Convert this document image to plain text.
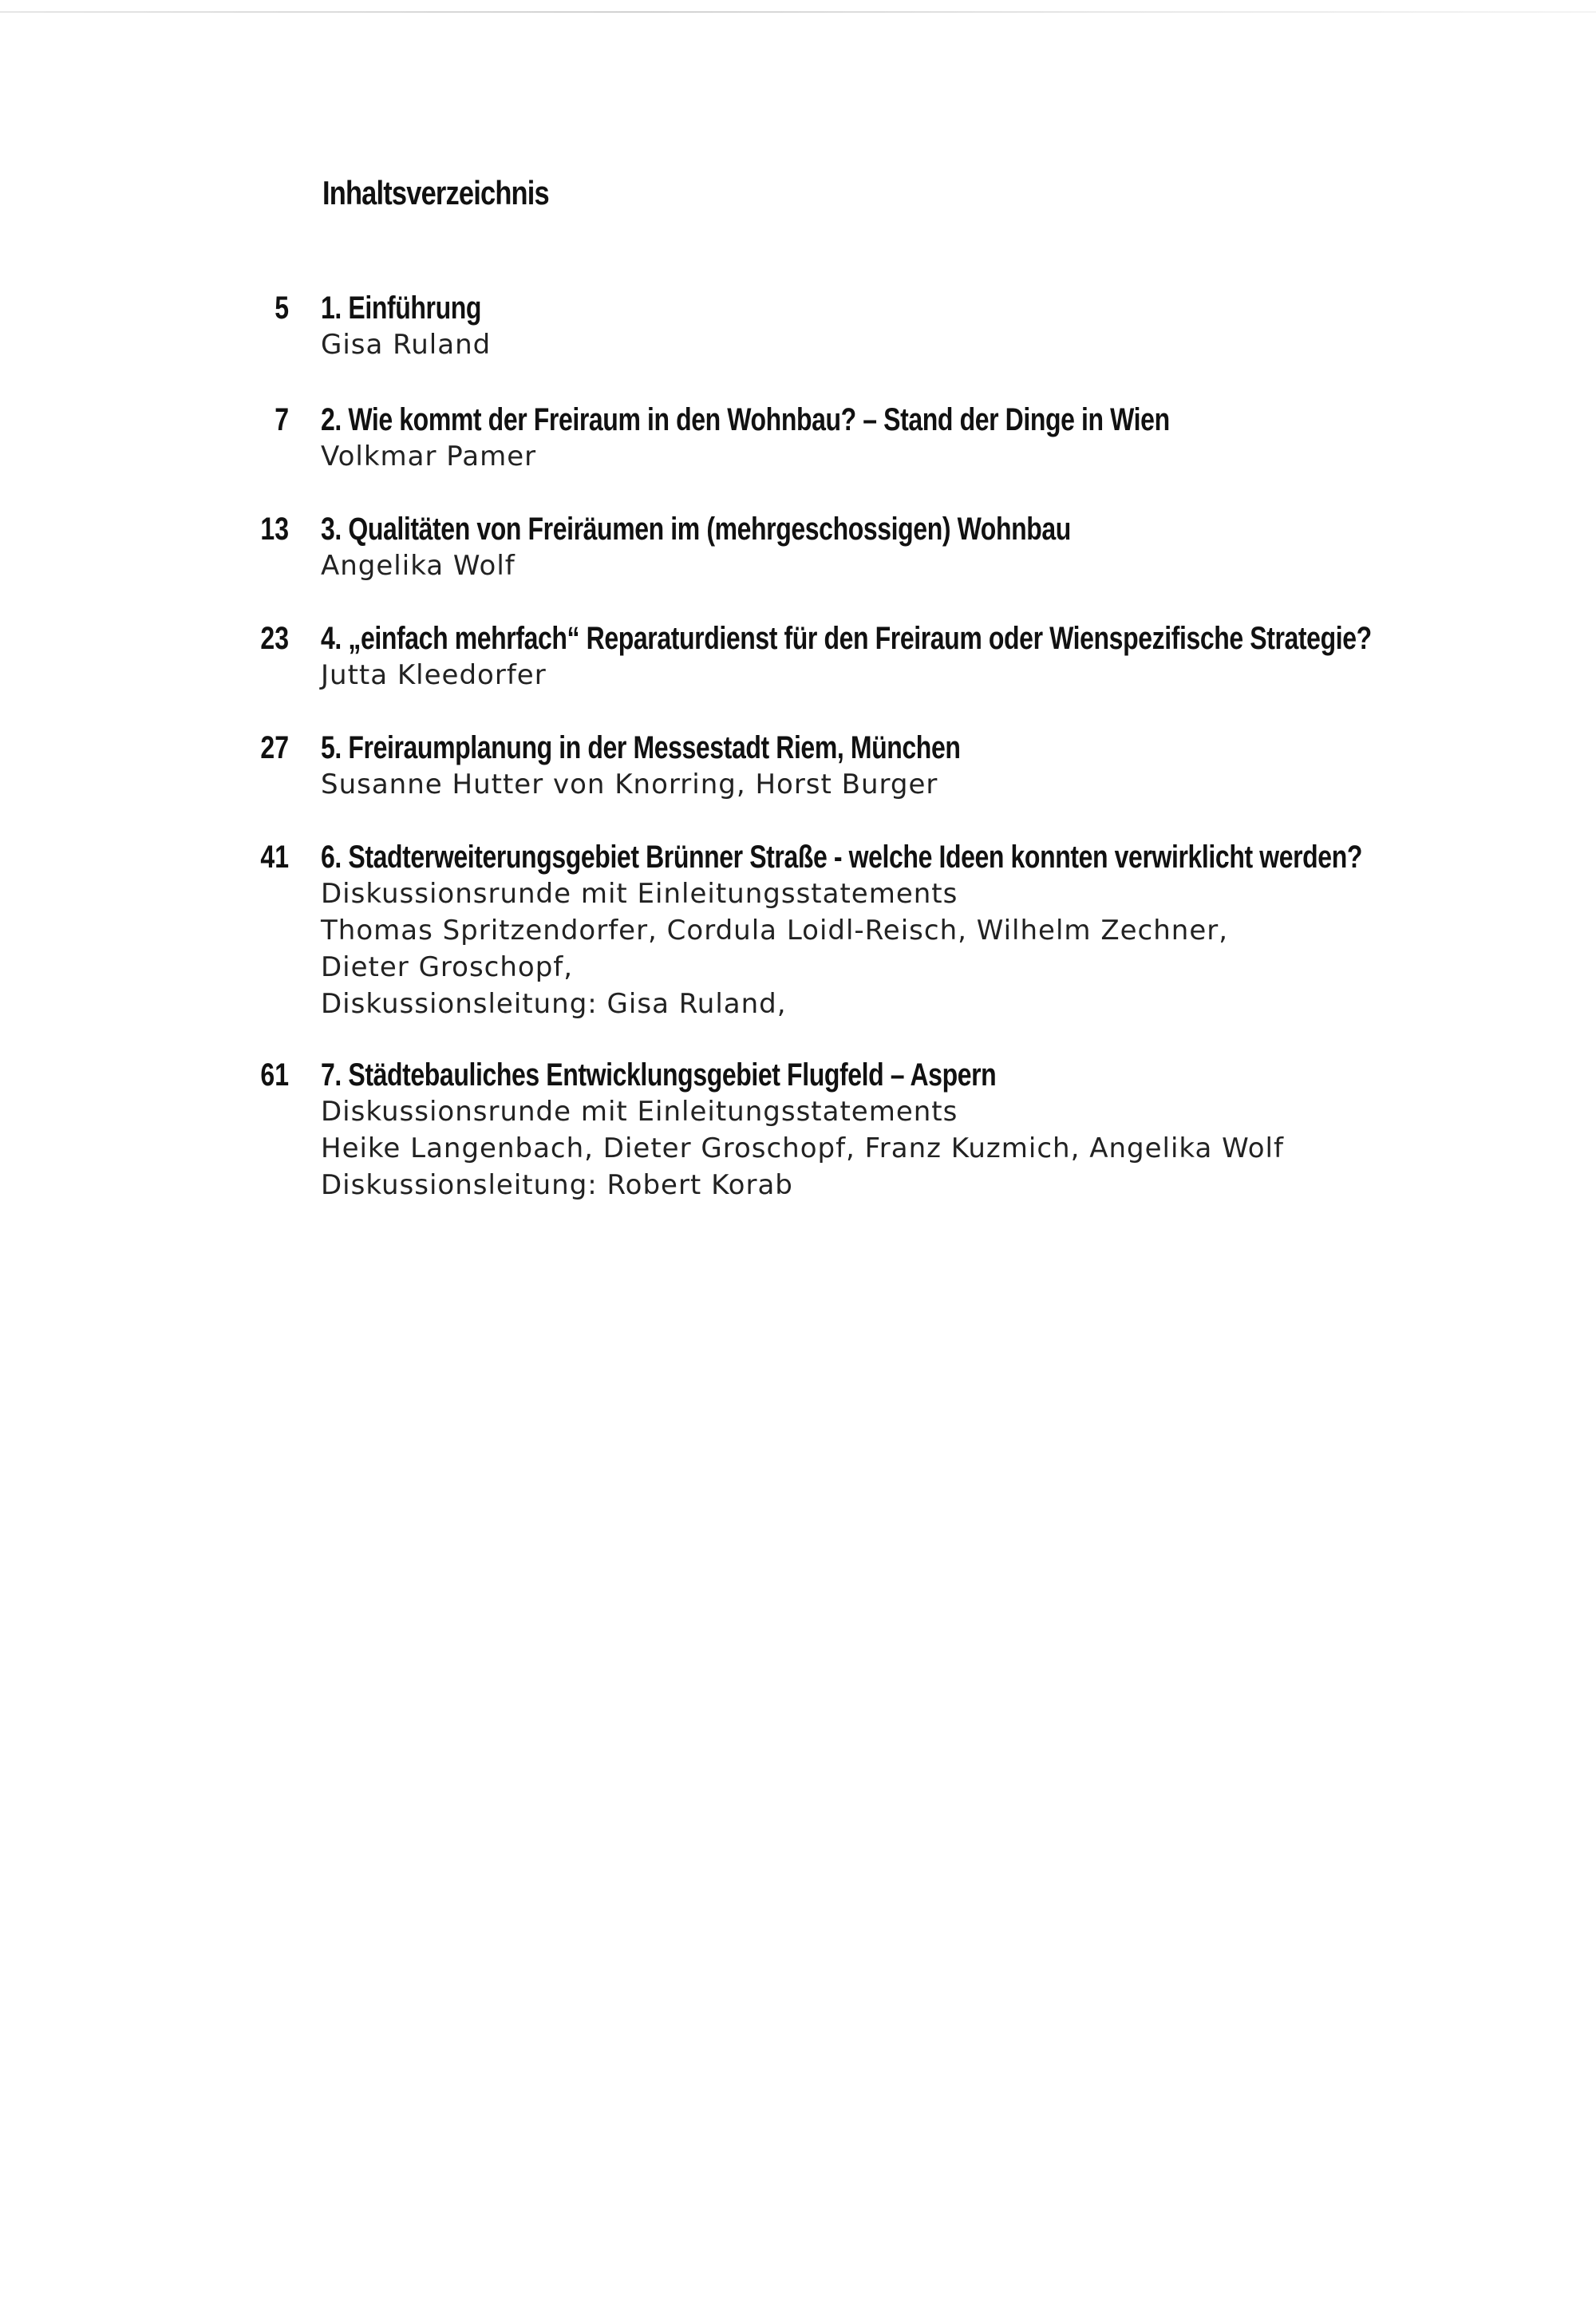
Inhaltsverzeichnis
5 1. Einführung
Gisa Ruland
7 2. Wie kommt der Freiraum in den Wohnbau? – Stand der Dinge in Wien
Volkmar Pamer
13 3. Qualitäten von Freiräumen im (mehrgeschossigen) Wohnbau
Angelika Wolf
23 4. „einfach mehrfach“ Reparaturdienst für den Freiraum oder Wienspezifische Strategie?
Jutta Kleedorfer
27 5. Freiraumplanung in der Messestadt Riem, München
Susanne Hutter von Knorring, Horst Burger
41 6. Stadterweiterungsgebiet Brünner Straße - welche Ideen konnten verwirklicht werden?
Diskussionsrunde mit Einleitungsstatements
Thomas Spritzendorfer, Cordula Loidl-Reisch, Wilhelm Zechner,
Dieter Groschopf,
Diskussionsleitung: Gisa Ruland,
61 7. Städtebauliches Entwicklungsgebiet Flugfeld – Aspern
Diskussionsrunde mit Einleitungsstatements
Heike Langenbach, Dieter Groschopf, Franz Kuzmich, Angelika Wolf
Diskussionsleitung: Robert Korab
